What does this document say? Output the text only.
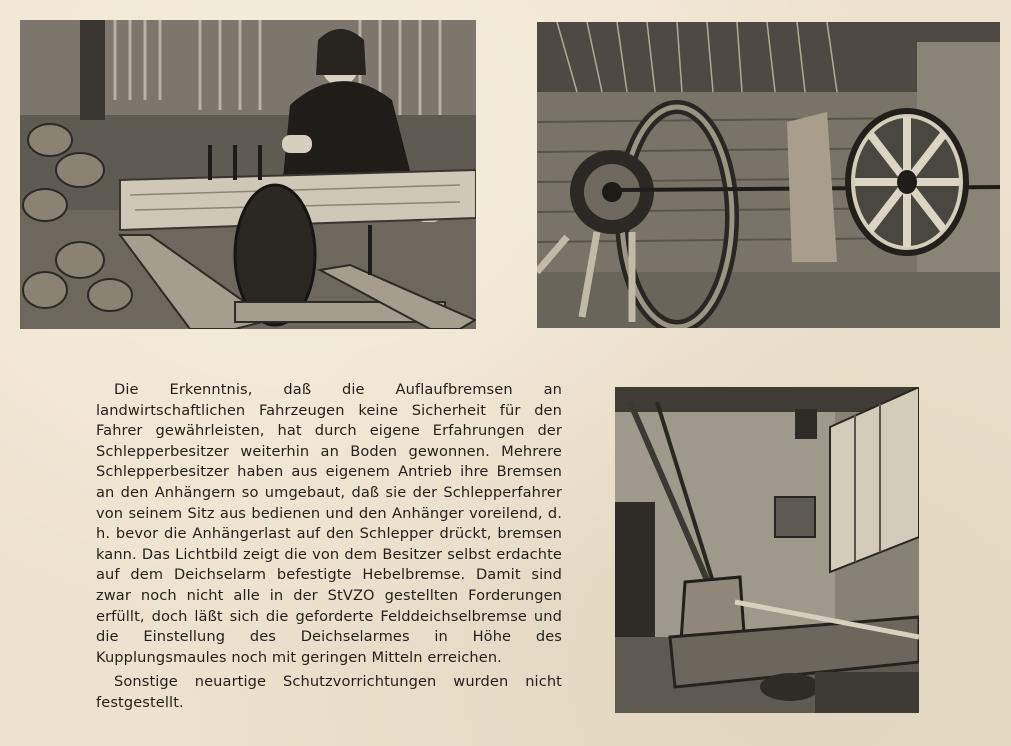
Die Erkenntnis, daß die Auflaufbremsen an landwirtschaftlichen Fahrzeugen keine Sicherheit für den Fahrer gewährleisten, hat durch eigene Erfahrungen der Schlepperbesitzer weiterhin an Boden gewonnen. Mehrere Schlepperbesitzer haben aus eigenem Antrieb ihre Bremsen an den Anhängern so umgebaut, daß sie der Schlepperfahrer von seinem Sitz aus bedienen und den Anhänger voreilend, d. h. bevor die Anhängerlast auf den Schlepper drückt, bremsen kann. Das Lichtbild zeigt die von dem Besitzer selbst erdachte auf dem Deichselarm befestigte Hebelbremse. Damit sind zwar noch nicht alle in der StVZO gestellten Forderungen erfüllt, doch läßt sich die geforderte Felddeichselbremse und die Einstellung des Deichselarmes in Höhe des Kupplungsmaules noch mit geringen Mitteln erreichen.

Sonstige neuartige Schutzvorrichtungen wurden nicht festgestellt.
